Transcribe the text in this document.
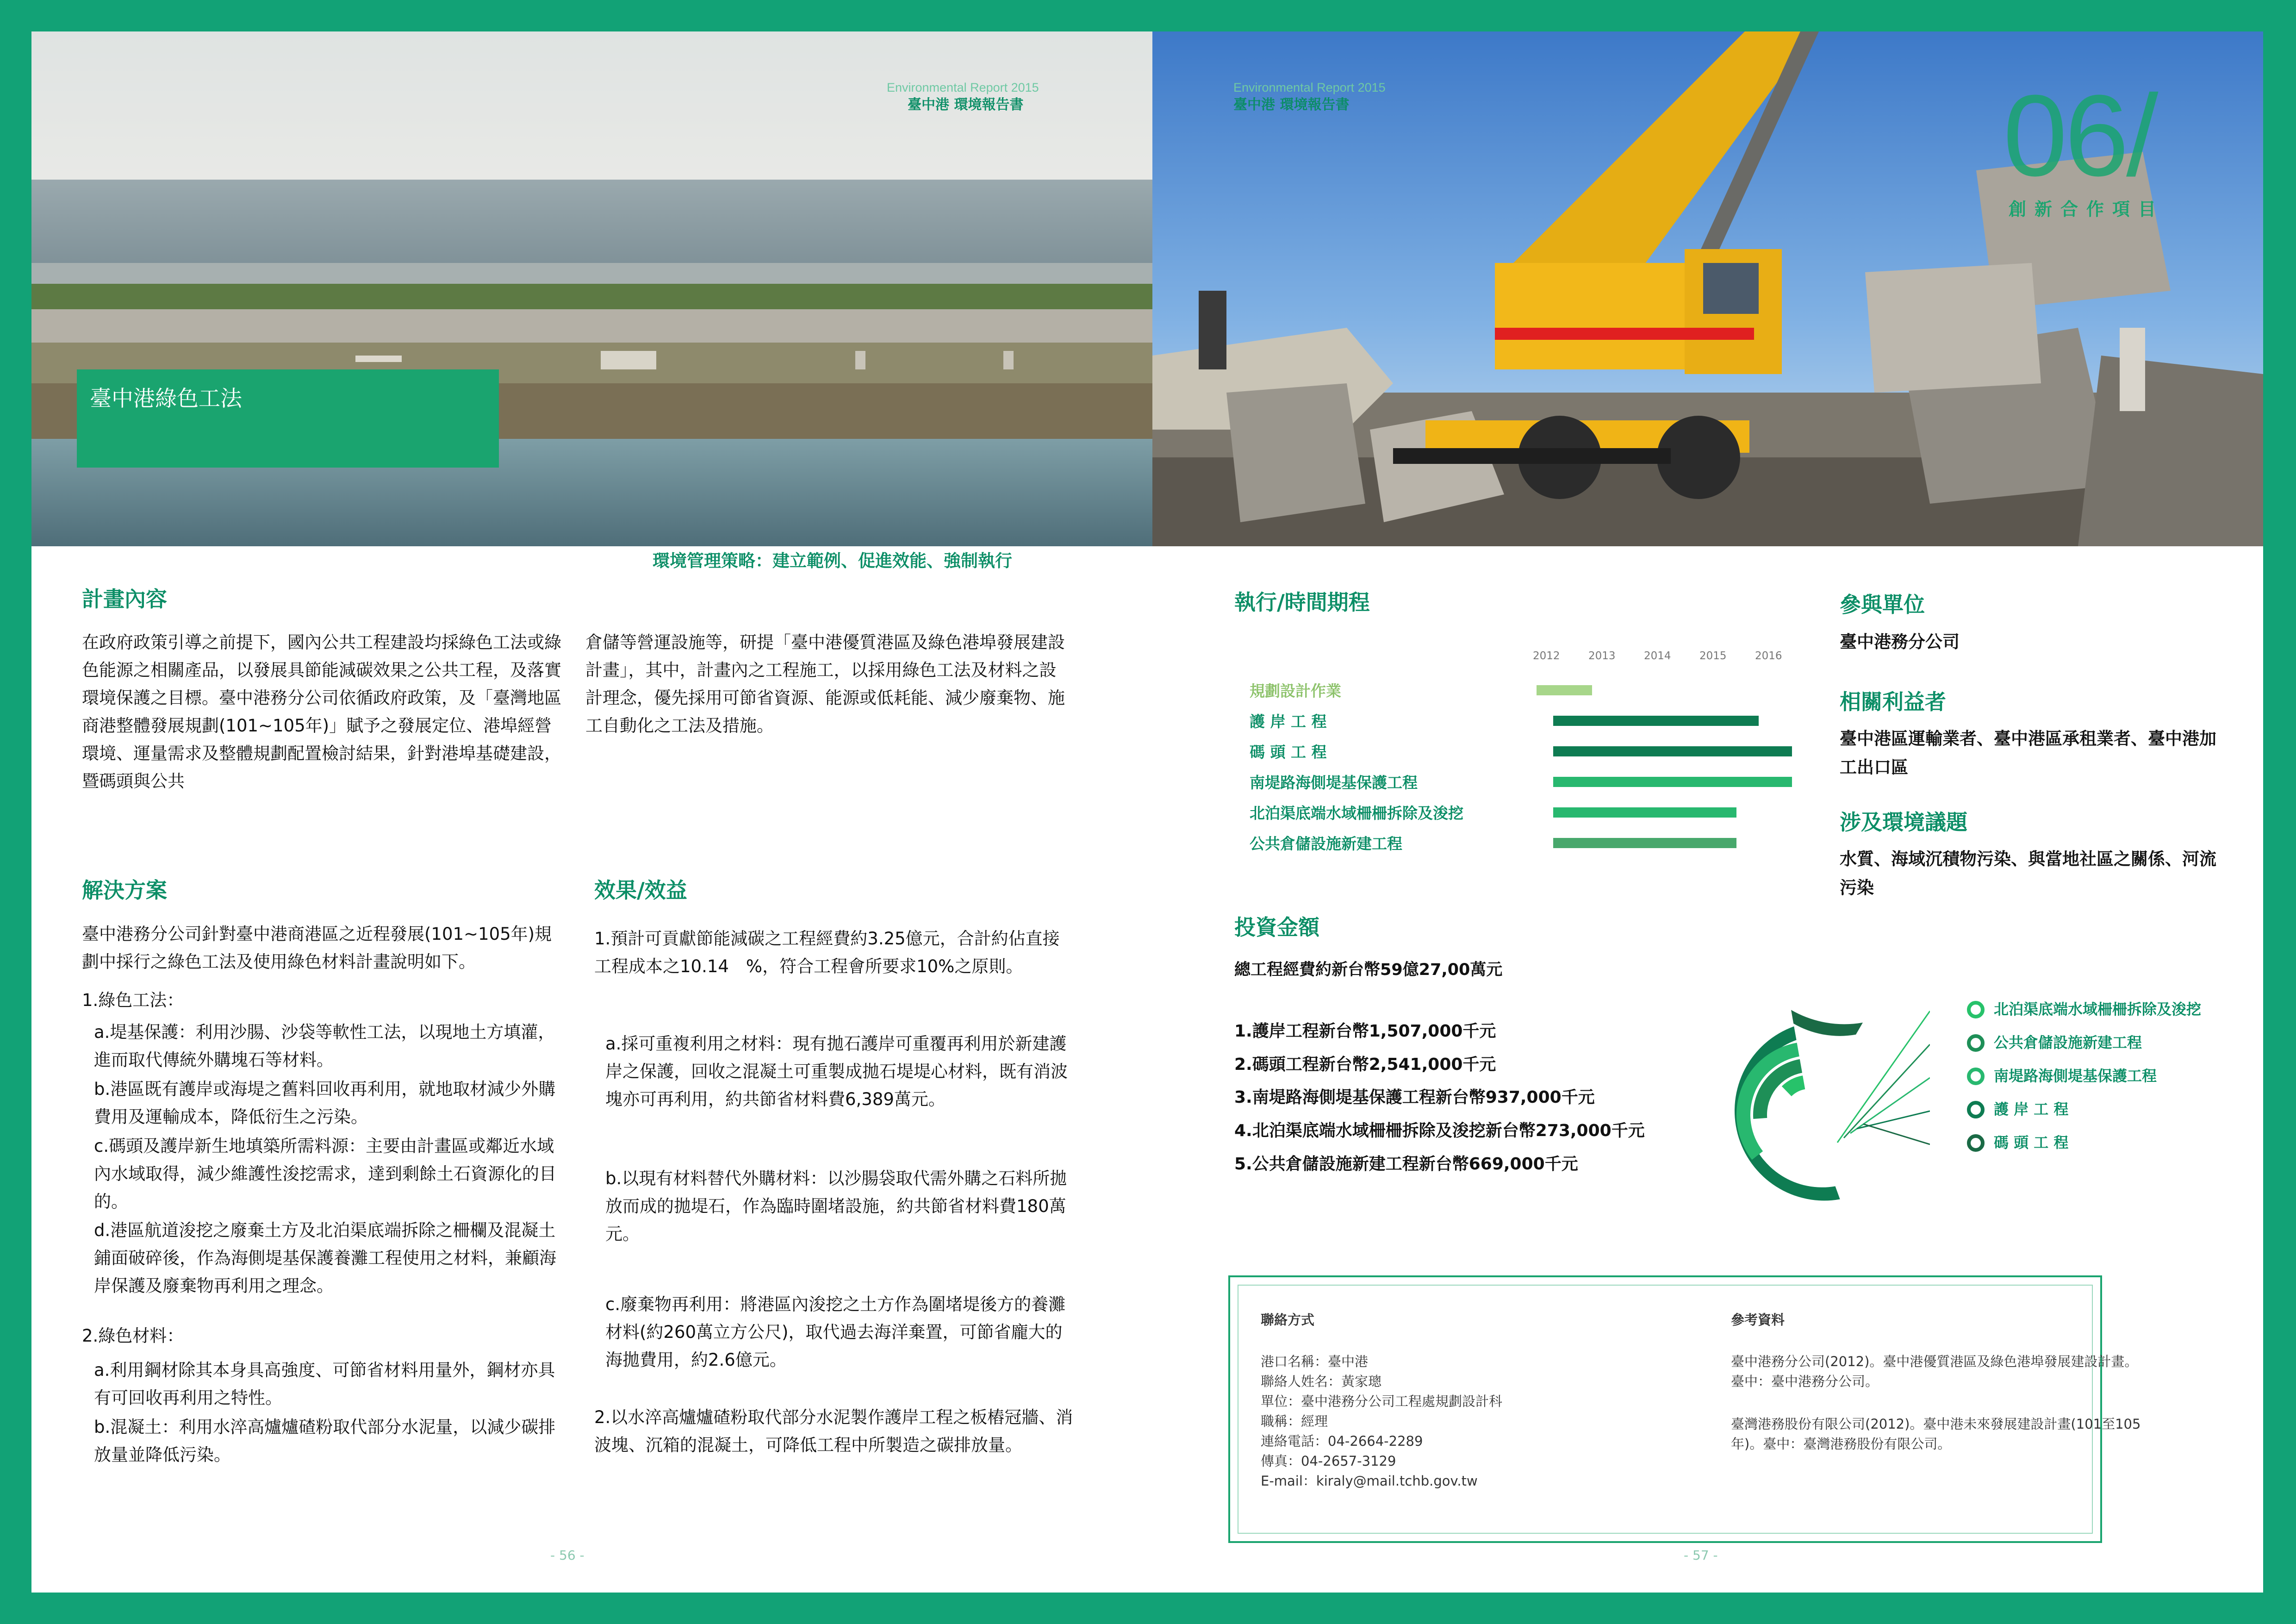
臺中港綠色工法
Environmental Report 2015
臺中港 環境報告書
環境管理策略：建立範例、促進效能、強制執行
計畫內容
在政府政策引導之前提下，國內公共工程建設均採綠色工法或綠色能源之相關產品，以發展具節能減碳效果之公共工程，及落實環境保護之目標。臺中港務分公司依循政府政策，及「臺灣地區商港整體發展規劃(101~105年)」賦予之發展定位、港埠經營環境、運量需求及整體規劃配置檢討結果，針對港埠基礎建設，暨碼頭與公共
倉儲等營運設施等，研提「臺中港優質港區及綠色港埠發展建設計畫」，其中，計畫內之工程施工，以採用綠色工法及材料之設計理念，優先採用可節省資源、能源或低耗能、減少廢棄物、施工自動化之工法及措施。
解決方案
臺中港務分公司針對臺中港商港區之近程發展(101~105年)規劃中採行之綠色工法及使用綠色材料計畫說明如下。
1.綠色工法：
a.堤基保護：利用沙腸、沙袋等軟性工法，以現地土方填灌，進而取代傳統外購塊石等材料。
b.港區既有護岸或海堤之舊料回收再利用，就地取材減少外購費用及運輸成本，降低衍生之污染。
c.碼頭及護岸新生地填築所需料源：主要由計畫區或鄰近水域內水域取得，減少維護性浚挖需求，達到剩餘土石資源化的目的。
d.港區航道浚挖之廢棄土方及北泊渠底端拆除之柵欄及混凝土鋪面破碎後，作為海側堤基保護養灘工程使用之材料，兼顧海岸保護及廢棄物再利用之理念。
2.綠色材料：
a.利用鋼材除其本身具高強度、可節省材料用量外，鋼材亦具有可回收再利用之特性。
b.混凝土：利用水淬高爐爐碴粉取代部分水泥量，以減少碳排放量並降低污染。
效果/效益
1.預計可貢獻節能減碳之工程經費約3.25億元，合計約佔直接工程成本之10.14　%，符合工程會所要求10%之原則。
a.採可重複利用之材料：現有拋石護岸可重覆再利用於新建護岸之保護，回收之混凝土可重製成拋石堤堤心材料，既有消波塊亦可再利用，約共節省材料費6,389萬元。
b.以現有材料替代外購材料：以沙腸袋取代需外購之石料所拋放而成的拋堤石，作為臨時圍堵設施，約共節省材料費180萬元。
c.廢棄物再利用：將港區內浚挖之土方作為圍堵堤後方的養灘材料(約260萬立方公尺)，取代過去海洋棄置，可節省龐大的海拋費用，約2.6億元。
2.以水淬高爐爐碴粉取代部分水泥製作護岸工程之板樁冠牆、消波塊、沉箱的混凝土，可降低工程中所製造之碳排放量。
- 56 -
Environmental Report 2015
臺中港 環境報告書	06/
創新合作項目
執行/時間期程
2012	2013	2014	2015	2016
規劃設計作業
護 岸 工 程
碼 頭 工 程
南堤路海側堤基保護工程
北泊渠底端水域柵柵拆除及浚挖
公共倉儲設施新建工程
投資金額
總工程經費約新台幣59億27,00萬元
1.護岸工程新台幣1,507,000千元
2.碼頭工程新台幣2,541,000千元
3.南堤路海側堤基保護工程新台幣937,000千元
4.北泊渠底端水域柵柵拆除及浚挖新台幣273,000千元
5.公共倉儲設施新建工程新台幣669,000千元
北泊渠底端水域柵柵拆除及浚挖
公共倉儲設施新建工程
南堤路海側堤基保護工程
護 岸 工 程
碼 頭 工 程
參與單位
臺中港務分公司
相關利益者
臺中港區運輸業者、臺中港區承租業者、臺中港加工出口區
涉及環境議題
水質、海域沉積物污染、與當地社區之關係、河流污染
- 57 -
聯絡方式
港口名稱：臺中港
聯絡人姓名：黃家璁
單位：臺中港務分公司工程處規劃設計科
職稱：經理
連絡電話：04-2664-2289
傳真：04-2657-3129
E-mail：kiraly@mail.tchb.gov.tw
參考資料
臺中港務分公司(2012)。臺中港優質港區及綠色港埠發展建設計畫。
臺中：臺中港務分公司。
臺灣港務股份有限公司(2012)。臺中港未來發展建設計畫(101至105
年)。臺中：臺灣港務股份有限公司。
